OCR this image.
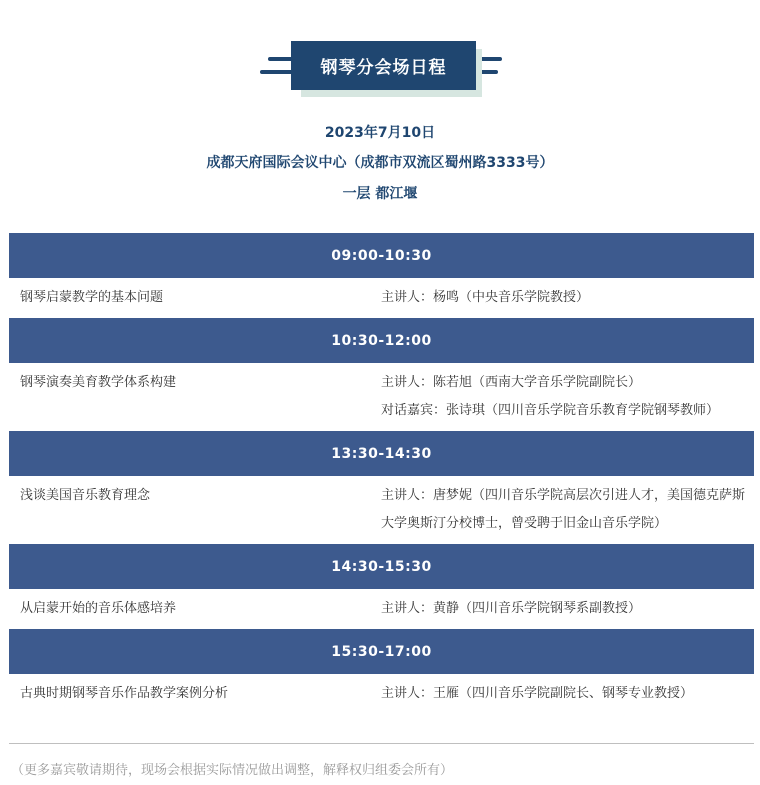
钢琴分会场日程
2023年7月10日
成都天府国际会议中心（成都市双流区蜀州路3333号）
一层 都江堰
09:00-10:30
钢琴启蒙教学的基本问题	主讲人：杨鸣（中央音乐学院教授）

10:30-12:00
钢琴演奏美育教学体系构建	主讲人：陈若旭（西南大学音乐学院副院长）

对话嘉宾：张诗琪（四川音乐学院音乐教育学院钢琴教师）

13:30-14:30
浅谈美国音乐教育理念	主讲人：唐梦妮（四川音乐学院高层次引进人才，美国德克萨斯大学奥斯汀分校博士，曾受聘于旧金山音乐学院）

14:30-15:30
从启蒙开始的音乐体感培养	主讲人：黄静（四川音乐学院钢琴系副教授）

15:30-17:00
古典时期钢琴音乐作品教学案例分析	主讲人：王雁（四川音乐学院副院长、钢琴专业教授）

（更多嘉宾敬请期待，现场会根据实际情况做出调整，解释权归组委会所有）
